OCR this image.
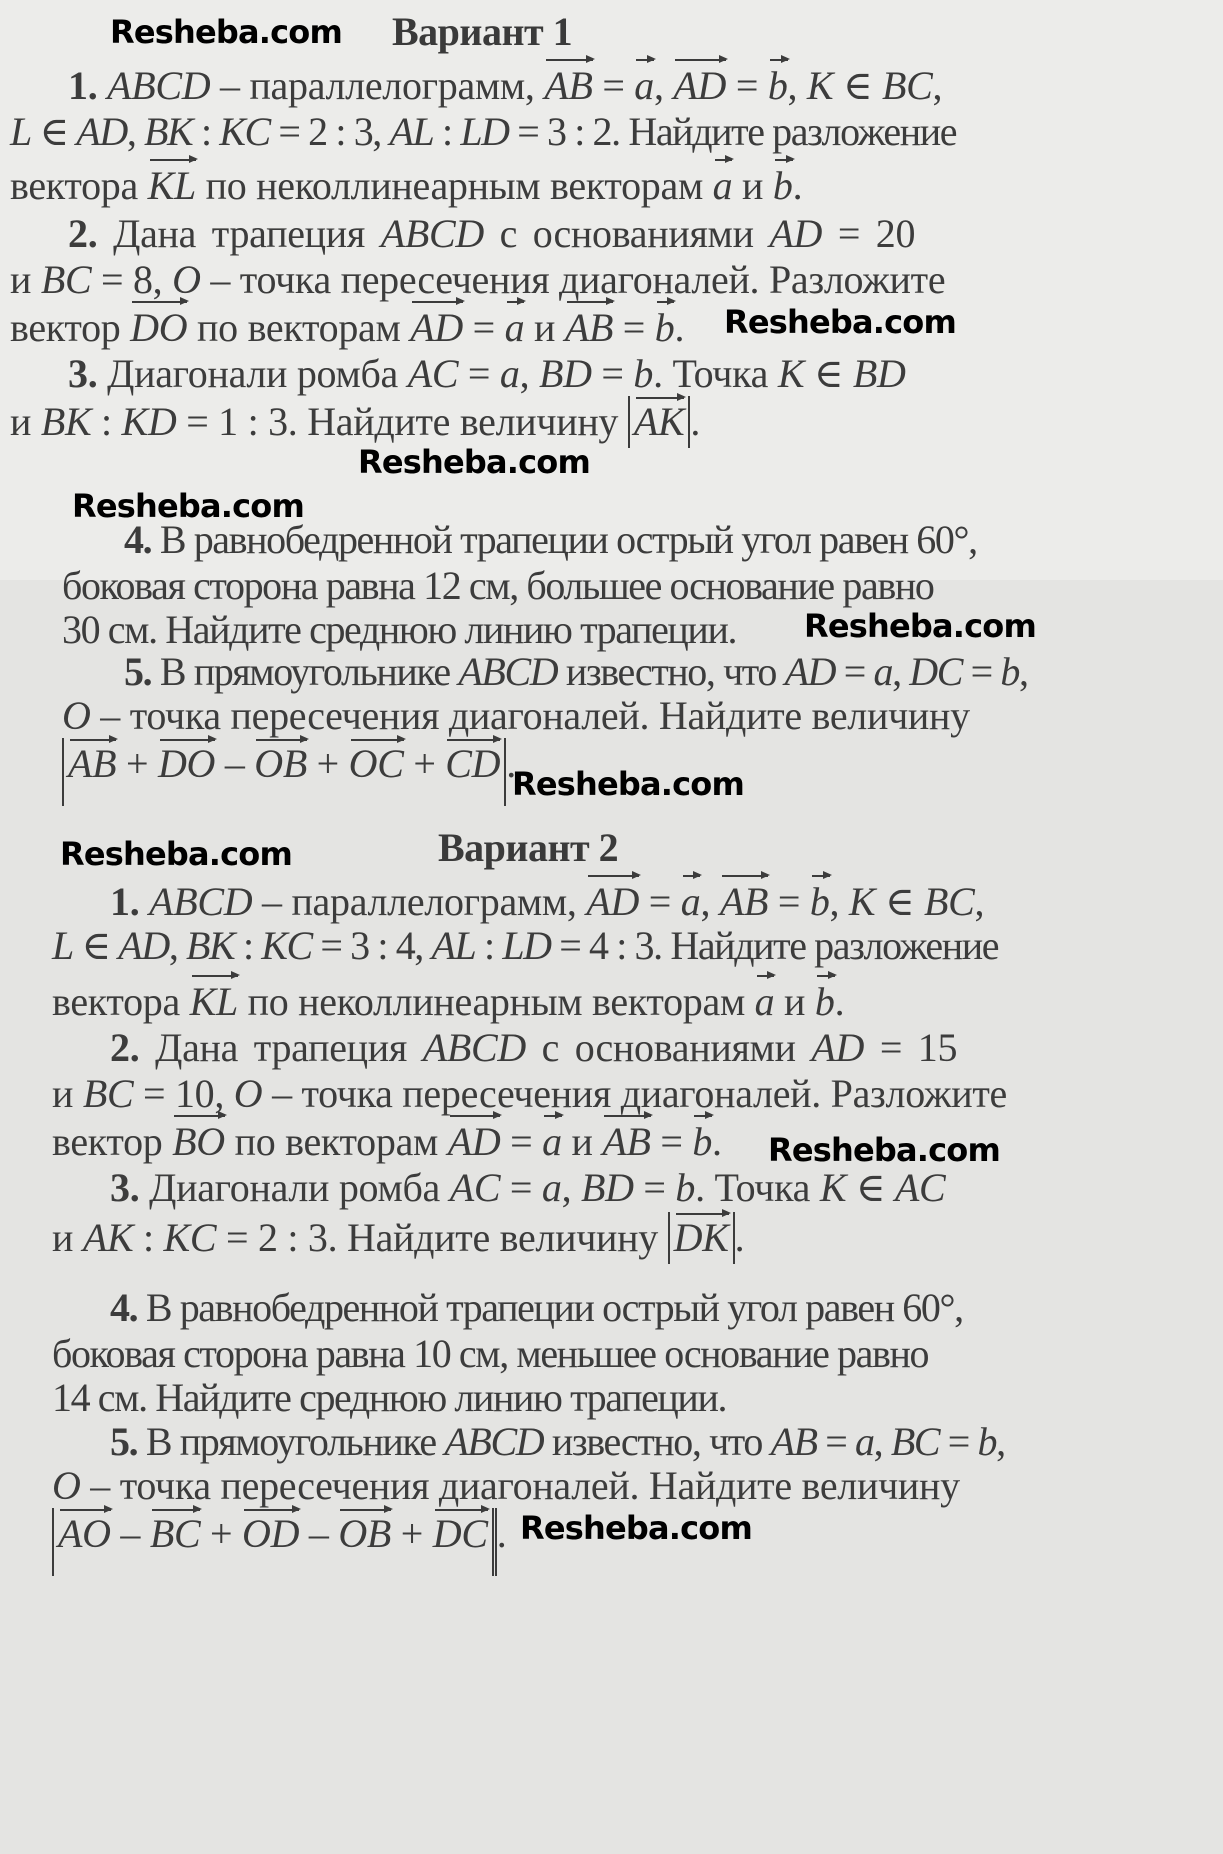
Resheba.com Вариант 1
1. ABCD – параллелограмм, AB = a, AD = b, K ∈ BC,
L ∈ AD, BK : KC = 2 : 3, AL : LD = 3 : 2. Найдите разложение
вектора KL по неколлинеарным векторам a и b.
2. Дана трапеция ABCD с основаниями AD = 20
и BC = 8, O – точка пересечения диагоналей. Разложите
вектор DO по векторам AD = a и AB = b. Resheba.com
3. Диагонали ромба AC = a, BD = b. Точка K ∈ BD
и BK : KD = 1 : 3. Найдите величину AK .
Resheba.com
Resheba.com
4. В равнобедренной трапеции острый угол равен 60°,
боковая сторона равна 12 см, большее основание равно
30 см. Найдите среднюю линию трапеции. Resheba.com
5. В прямоугольнике ABCD известно, что AD = a, DC = b,
O – точка пересечения диагоналей. Найдите величину
AB + DO – OB + OC + CD .
Resheba.com
Resheba.com	Вариант 2
1. ABCD – параллелограмм, AD = a, AB = b, K ∈ BC,
L ∈ AD, BK : KC = 3 : 4, AL : LD = 4 : 3. Найдите разложение
вектора KL по неколлинеарным векторам a и b.
2. Дана трапеция ABCD с основаниями AD = 15
и BC = 10, O – точка пересечения диагоналей. Разложите
вектор BO по векторам AD = a и AB = b. Resheba.com
3. Диагонали ромба AC = a, BD = b. Точка K ∈ AC
и AK : KC = 2 : 3. Найдите величину DK .
4. В равнобедренной трапеции острый угол равен 60°,
боковая сторона равна 10 см, меньшее основание равно
14 см. Найдите среднюю линию трапеции.
5. В прямоугольнике ABCD известно, что AB = a, BC = b,
O – точка пересечения диагоналей. Найдите величину
AO – BC + OD – OB + DC . Resheba.com
